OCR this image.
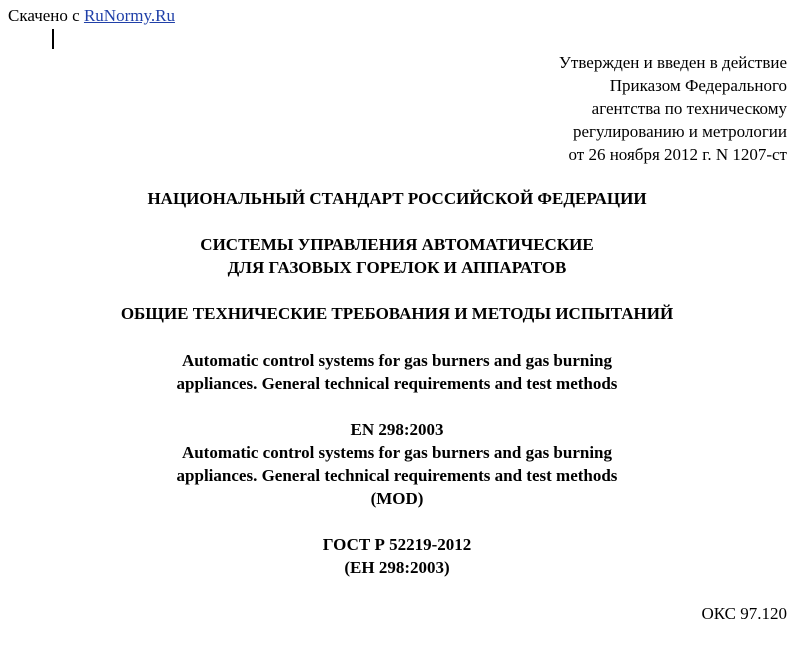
Скачено с RuNormy.Ru
Утвержден и введен в действие
Приказом Федерального
агентства по техническому
регулированию и метрологии
от 26 ноября 2012 г. N 1207-ст
НАЦИОНАЛЬНЫЙ СТАНДАРТ РОССИЙСКОЙ ФЕДЕРАЦИИ
СИСТЕМЫ УПРАВЛЕНИЯ АВТОМАТИЧЕСКИЕ
ДЛЯ ГАЗОВЫХ ГОРЕЛОК И АППАРАТОВ
ОБЩИЕ ТЕХНИЧЕСКИЕ ТРЕБОВАНИЯ И МЕТОДЫ ИСПЫТАНИЙ
Automatic control systems for gas burners and gas burning
appliances. General technical requirements and test methods
EN 298:2003
Automatic control systems for gas burners and gas burning
appliances. General technical requirements and test methods
(MOD)
ГОСТ Р 52219-2012
(ЕН 298:2003)
ОКС 97.120
